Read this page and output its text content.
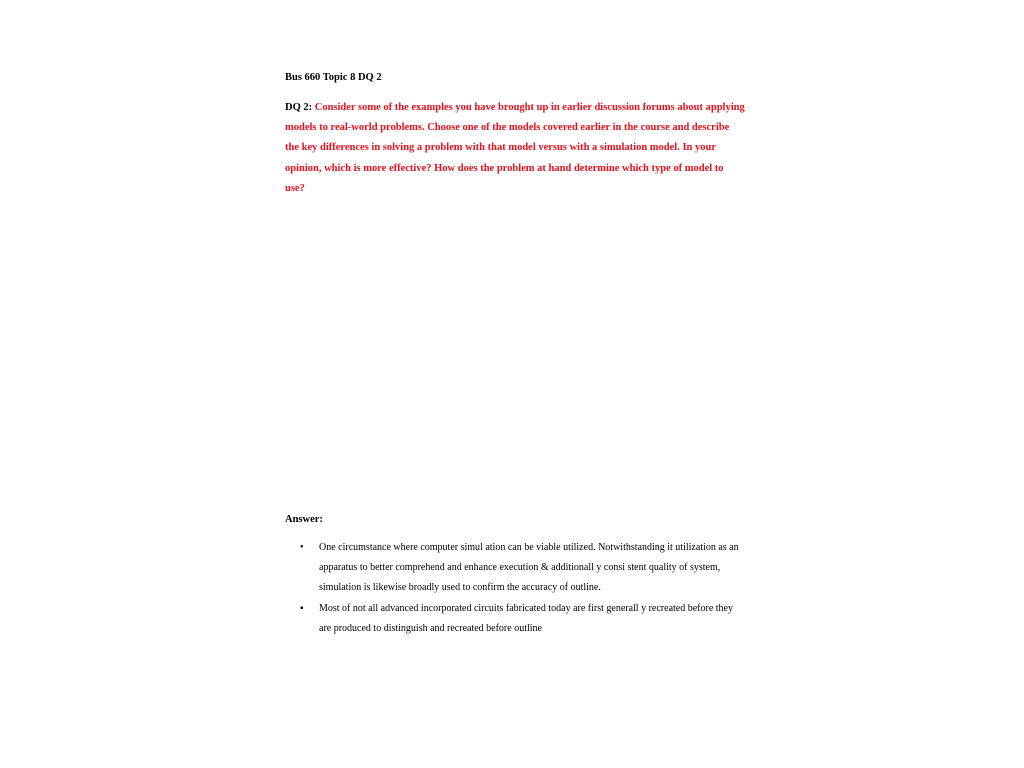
Bus 660 Topic 8 DQ 2
DQ 2: Consider some of the examples you have brought up in earlier discussion forums about applying models to real-world problems. Choose one of the models covered earlier in the course and describe the key differences in solving a problem with that model versus with a simulation model. In your opinion, which is more effective? How does the problem at hand determine which type of model to use?
Answer:
• One circumstance where computer simul ation can be viable utilized. Notwithstanding it utilization as an apparatus to better comprehend and enhance execution & additionall y consi stent quality of system, simulation is likewise broadly used to confirm the accuracy of outline.
▪ Most of not all advanced incorporated circuits fabricated today are first generall y recreated before they are produced to distinguish and recreated before outline
